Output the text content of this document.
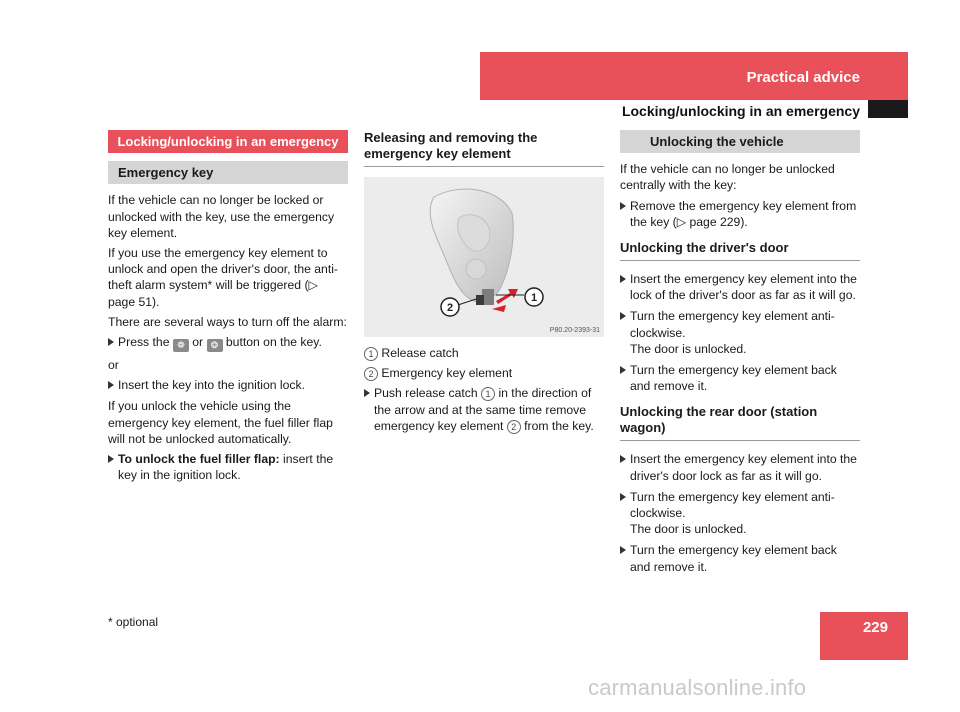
Practical advice
Locking/unlocking in an emergency
Locking/unlocking in an emergency
Emergency key

If the vehicle can no longer be locked or unlocked with the key, use the emergency key element.

If you use the emergency key element to unlock and open the driver's door, the anti-theft alarm system* will be triggered (▷ page 51).

There are several ways to turn off the alarm:

Press the ❁ or ❂ button on the key.

or

Insert the key into the ignition lock.

If you unlock the vehicle using the emergency key element, the fuel filler flap will not be unlocked automatically.

To unlock the fuel filler flap: insert the key in the ignition lock.
Releasing and removing the emergency key element
2
1
P80.20-2393-31

1 Release catch

2 Emergency key element

Push release catch 1 in the direction of the arrow and at the same time remove emergency key element 2 from the key.
Unlocking the vehicle

If the vehicle can no longer be unlocked centrally with the key:

Remove the emergency key element from the key (▷ page 229).
Unlocking the driver's door
Insert the emergency key element into the lock of the driver's door as far as it will go.
Turn the emergency key element anti-clockwise.
The door is unlocked.
Turn the emergency key element back and remove it.
Unlocking the rear door (station wagon)
Insert the emergency key element into the driver's door lock as far as it will go.
Turn the emergency key element anti-clockwise.
The door is unlocked.
Turn the emergency key element back and remove it.
229
* optional
carmanualsonline.info
